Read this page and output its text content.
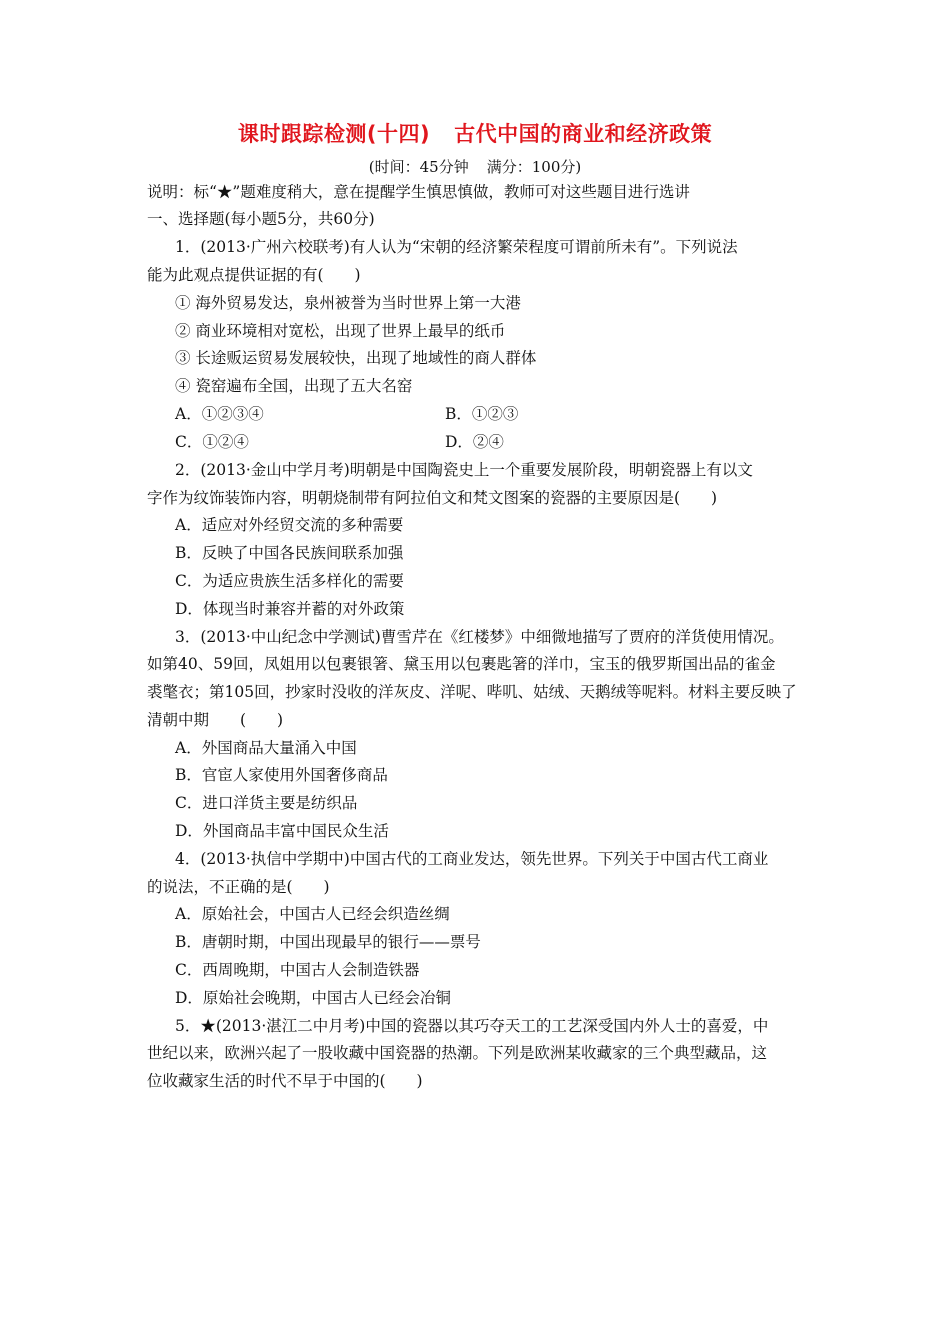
课时跟踪检测(十四) 古代中国的商业和经济政策
(时间：45分钟 满分：100分)
说明：标“★”题难度稍大，意在提醒学生慎思慎做，教师可对这些题目进行选讲
一、选择题(每小题5分，共60分)
1．(2013·广州六校联考)有人认为“宋朝的经济繁荣程度可谓前所未有”。下列说法
能为此观点提供证据的有(　　)
① 海外贸易发达，泉州被誉为当时世界上第一大港
② 商业环境相对宽松，出现了世界上最早的纸币
③ 长途贩运贸易发展较快，出现了地域性的商人群体
④ 瓷窑遍布全国，出现了五大名窑
A．①②③④	B．①②③
C．①②④	D．②④
2．(2013·金山中学月考)明朝是中国陶瓷史上一个重要发展阶段，明朝瓷器上有以文
字作为纹饰装饰内容，明朝烧制带有阿拉伯文和梵文图案的瓷器的主要原因是(　　)
A．适应对外经贸交流的多种需要
B．反映了中国各民族间联系加强
C．为适应贵族生活多样化的需要
D．体现当时兼容并蓄的对外政策
3．(2013·中山纪念中学测试)曹雪芹在《红楼梦》中细微地描写了贾府的洋货使用情况。
如第40、59回，凤姐用以包裹银箸、黛玉用以包裹匙箸的洋巾，宝玉的俄罗斯国出品的雀金
裘氅衣；第105回，抄家时没收的洋灰皮、洋呢、哔叽、姑绒、天鹅绒等呢料。材料主要反映了
清朝中期　　(　　)
A．外国商品大量涌入中国
B．官宦人家使用外国奢侈商品
C．进口洋货主要是纺织品
D．外国商品丰富中国民众生活
4．(2013·执信中学期中)中国古代的工商业发达，领先世界。下列关于中国古代工商业
的说法，不正确的是(　　)
A．原始社会，中国古人已经会织造丝绸
B．唐朝时期，中国出现最早的银行——票号
C．西周晚期，中国古人会制造铁器
D．原始社会晚期，中国古人已经会冶铜
5．★(2013·湛江二中月考)中国的瓷器以其巧夺天工的工艺深受国内外人士的喜爱，中
世纪以来，欧洲兴起了一股收藏中国瓷器的热潮。下列是欧洲某收藏家的三个典型藏品，这
位收藏家生活的时代不早于中国的(　　)
